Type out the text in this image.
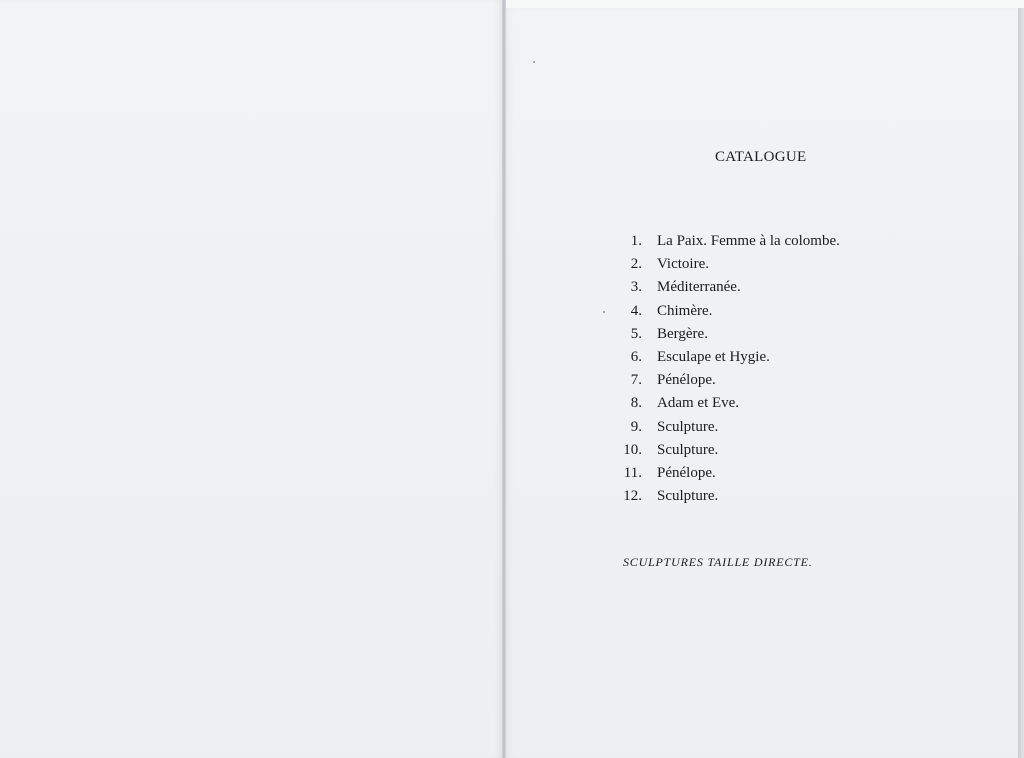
CATALOGUE
1. La Paix. Femme à la colombe.
2. Victoire.
3. Méditerranée.
4. Chimère.
5. Bergère.
6. Esculape et Hygie.
7. Pénélope.
8. Adam et Eve.
9. Sculpture.
10. Sculpture.
11. Pénélope.
12. Sculpture.
SCULPTURES TAILLE DIRECTE.
